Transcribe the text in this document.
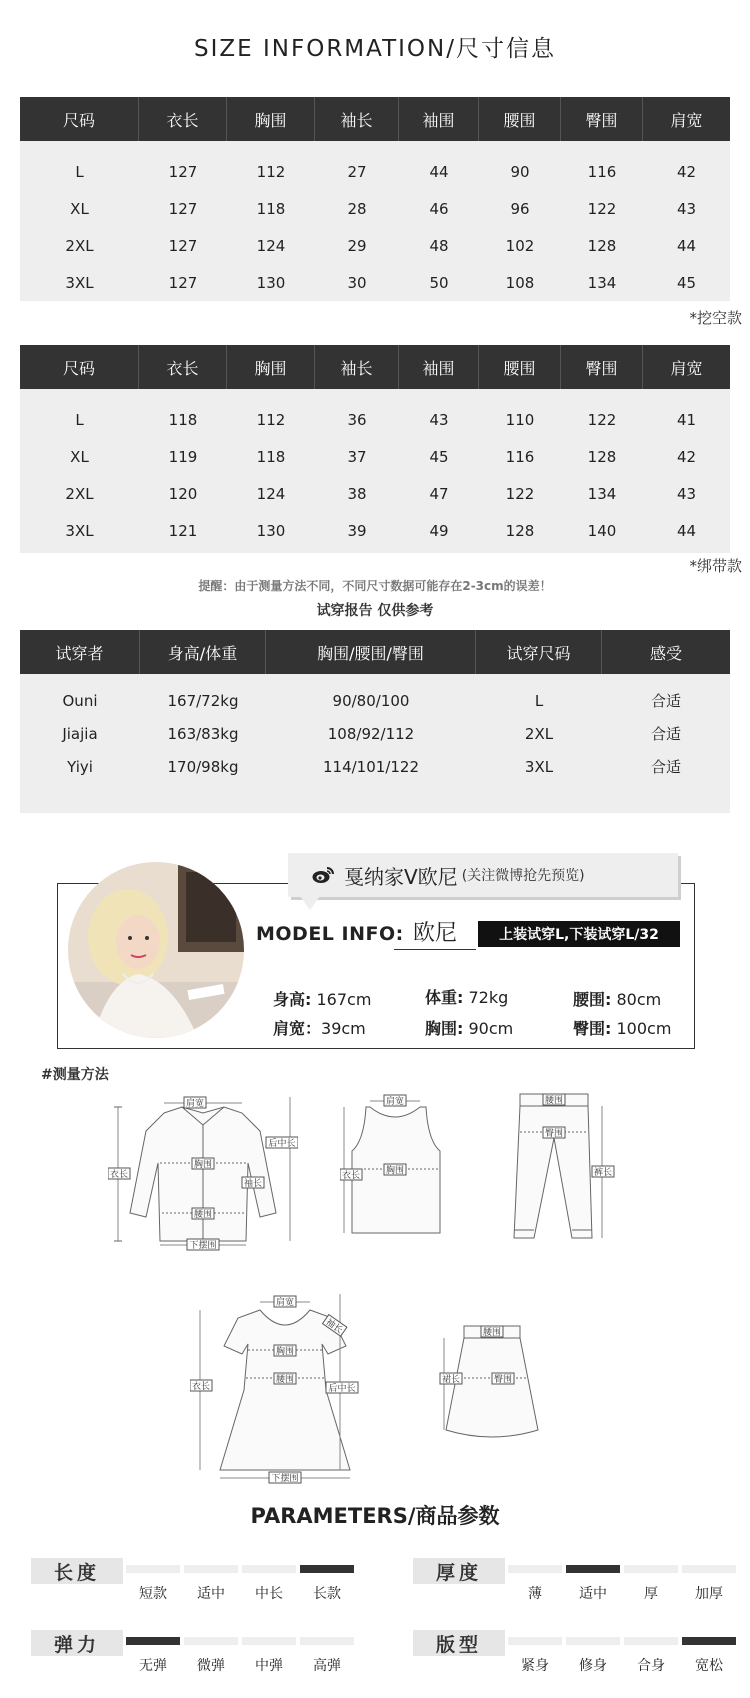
SIZE INFORMATION/尺寸信息
尺码	衣长	胸围	袖长	袖围	腰围	臀围	肩宽
L	127	112	27	44	90	116	42
XL	127	118	28	46	96	122	43
2XL	127	124	29	48	102	128	44
3XL	127	130	30	50	108	134	45
*挖空款
尺码	衣长	胸围	袖长	袖围	腰围	臀围	肩宽
L	118	112	36	43	110	122	41
XL	119	118	37	45	116	128	42
2XL	120	124	38	47	122	134	43
3XL	121	130	39	49	128	140	44
*绑带款
提醒：由于测量方法不同，不同尺寸数据可能存在2-3cm的误差！
试穿报告 仅供参考
试穿者	身高/体重	胸围/腰围/臀围	试穿尺码	感受
Ouni	167/72kg	90/80/100	L	合适
Jiajia	163/83kg	108/92/112	2XL	合适
Yiyi	170/98kg	114/101/122	3XL	合适
戛纳家V欧尼 (关注微博抢先预览)
MODEL INFO: 欧尼	上装试穿L,下装试穿L/32
身高: 167cm	体重: 72kg	腰围: 80cm
肩宽：39cm	胸围: 90cm	臀围: 100cm
#测量方法
肩宽
衣长
胸围
腰围
下摆围
后中长
袖长
肩宽
衣长	胸围
腰围
臀围
裤长
肩宽
袖长
胸围
腰围
衣长	后中长
下摆围
腰围
裙长	臀围
PARAMETERS/商品参数
长度
短款	适中	中长	长款
厚度
薄	适中	厚	加厚
弹力
无弹	微弹	中弹	高弹
版型
紧身	修身	合身	宽松
